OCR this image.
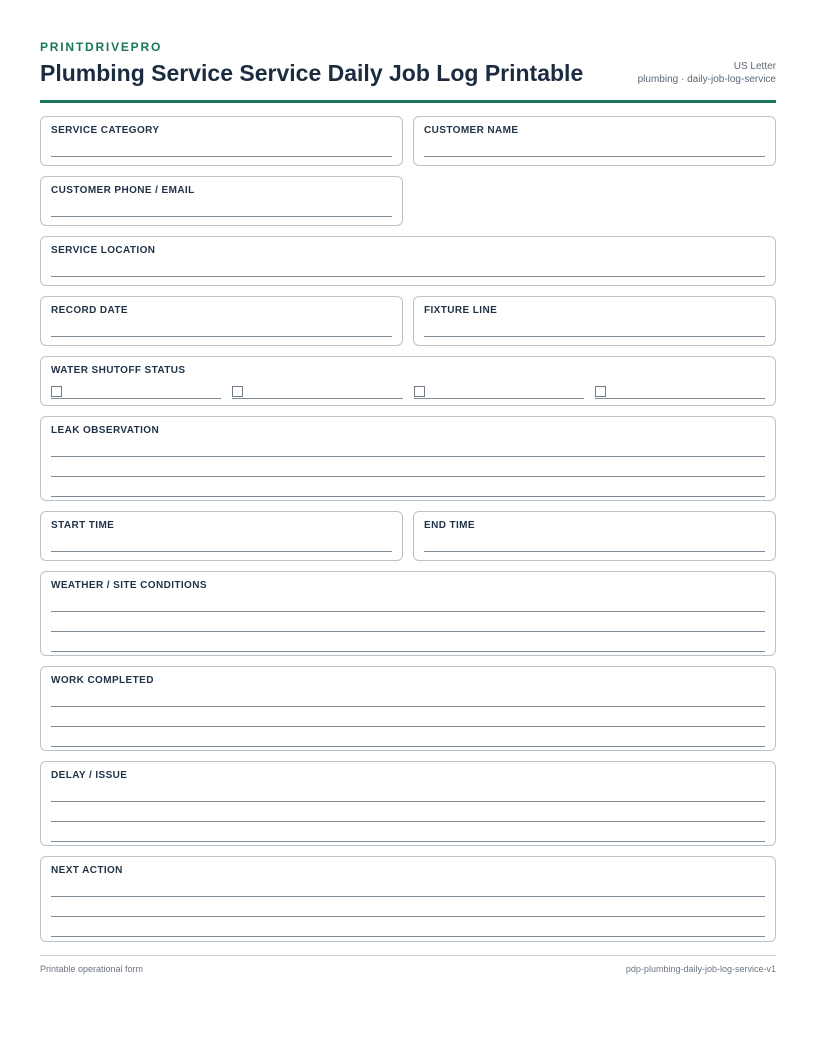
PRINTDRIVEPRO
Plumbing Service Service Daily Job Log Printable	US Letter
plumbing · daily-job-log-service
SERVICE CATEGORY	CUSTOMER NAME
CUSTOMER PHONE / EMAIL
SERVICE LOCATION
RECORD DATE	FIXTURE LINE
WATER SHUTOFF STATUS
LEAK OBSERVATION
START TIME	END TIME
WEATHER / SITE CONDITIONS
WORK COMPLETED
DELAY / ISSUE
NEXT ACTION
Printable operational form	pdp-plumbing-daily-job-log-service-v1
